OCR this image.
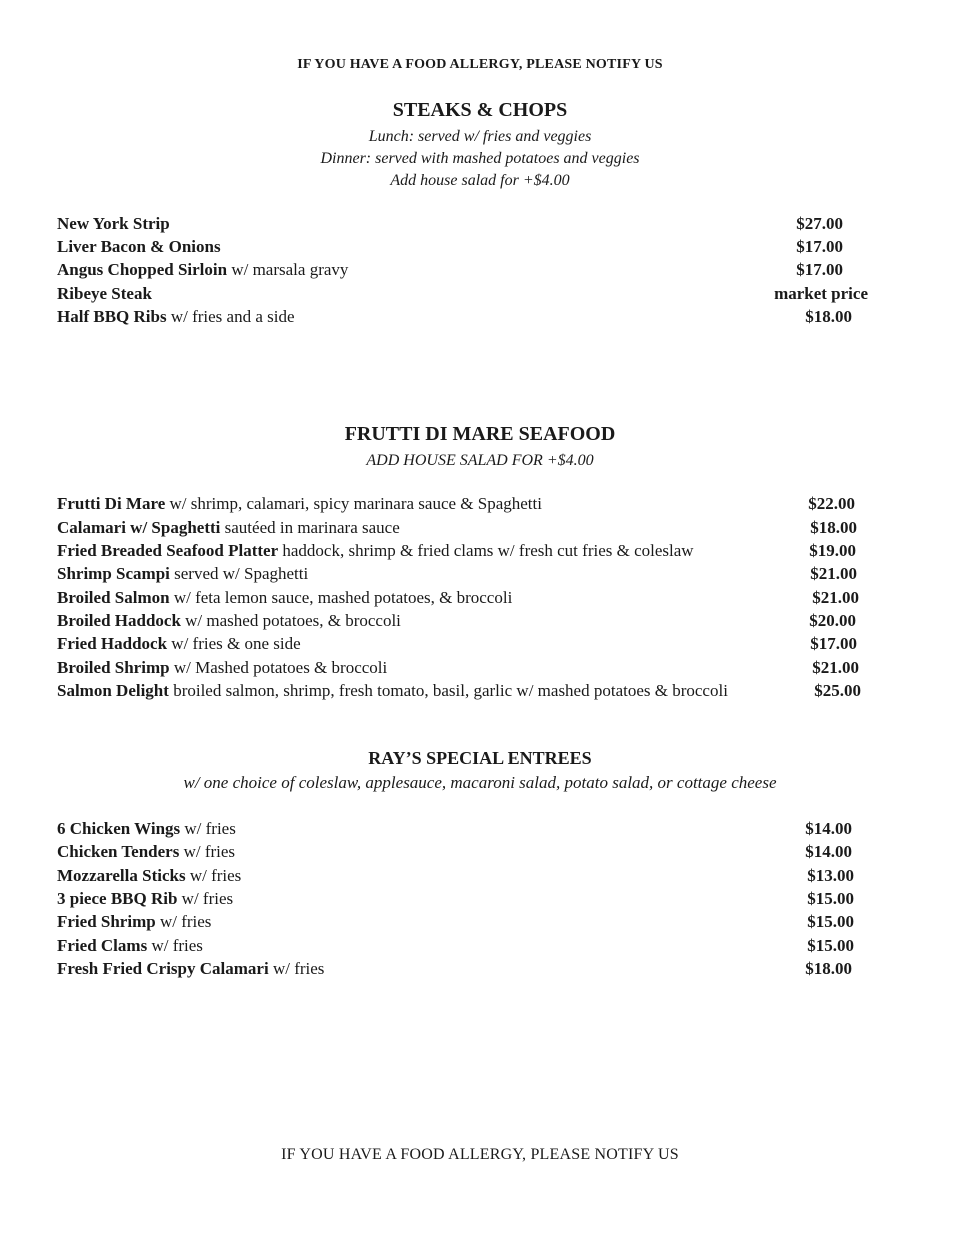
IF YOU HAVE A FOOD ALLERGY, PLEASE NOTIFY US
STEAKS & CHOPS
Lunch: served w/ fries and veggies
Dinner: served with mashed potatoes and veggies
Add house salad for +$4.00
New York Strip	$27.00
Liver Bacon & Onions	$17.00
Angus Chopped Sirloin w/ marsala gravy	$17.00
Ribeye Steak	market price
Half BBQ Ribs w/ fries and a side	$18.00
FRUTTI DI MARE SEAFOOD
ADD HOUSE SALAD FOR +$4.00
Frutti Di Mare w/ shrimp, calamari, spicy marinara sauce & Spaghetti	$22.00
Calamari w/ Spaghetti sautéed in marinara sauce	$18.00
Fried Breaded Seafood Platter haddock, shrimp & fried clams w/ fresh cut fries & coleslaw	$19.00
Shrimp Scampi served w/ Spaghetti	$21.00
Broiled Salmon w/ feta lemon sauce, mashed potatoes, & broccoli	$21.00
Broiled Haddock w/ mashed potatoes, & broccoli	$20.00
Fried Haddock w/ fries & one side	$17.00
Broiled Shrimp w/ Mashed potatoes & broccoli	$21.00
Salmon Delight broiled salmon, shrimp, fresh tomato, basil, garlic w/ mashed potatoes & broccoli	$25.00
RAY’S SPECIAL ENTREES
w/ one choice of coleslaw, applesauce, macaroni salad, potato salad, or cottage cheese
6 Chicken Wings w/ fries	$14.00
Chicken Tenders w/ fries	$14.00
Mozzarella Sticks w/ fries	$13.00
3 piece BBQ Rib w/ fries	$15.00
Fried Shrimp w/ fries	$15.00
Fried Clams w/ fries	$15.00
Fresh Fried Crispy Calamari w/ fries	$18.00
IF YOU HAVE A FOOD ALLERGY, PLEASE NOTIFY US
